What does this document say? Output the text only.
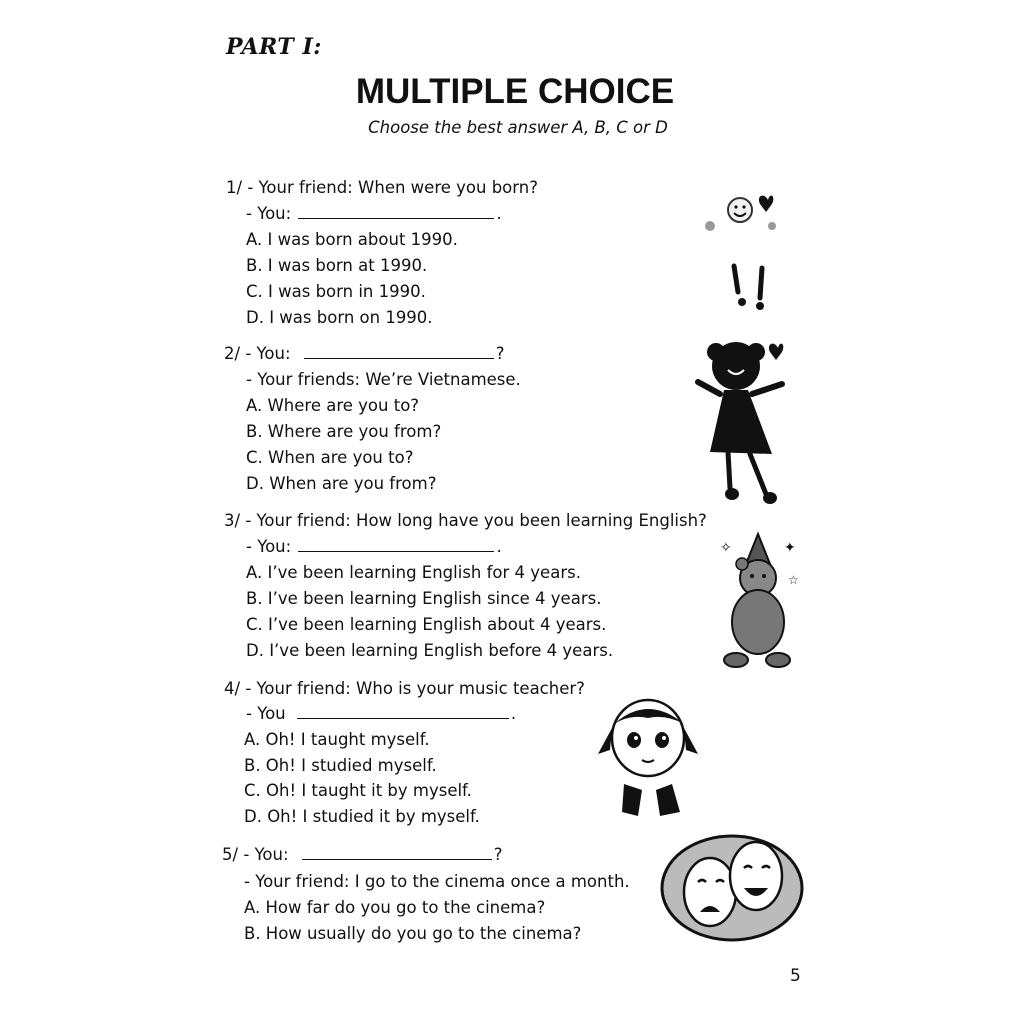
PART I:
MULTIPLE CHOICE
Choose the best answer A, B, C or D
1/ - Your friend: When were you born?
- You:	.
A. I was born about 1990.
B. I was born at 1990.
C. I was born in 1990.
D. I was born on 1990.
2/ - You:	?
- Your friends: We’re Vietnamese.
A. Where are you to?
B. Where are you from?
C. When are you to?
D. When are you from?
3/ - Your friend: How long have you been learning English?
- You:	.
A. I’ve been learning English for 4 years.
B. I’ve been learning English since 4 years.
C. I’ve been learning English about 4 years.
D. I’ve been learning English before 4 years.
4/ - Your friend: Who is your music teacher?
- You	.
A. Oh! I taught myself.
B. Oh! I studied myself.
C. Oh! I taught it by myself.
D. Oh! I studied it by myself.
5/ - You:	?
- Your friend: I go to the cinema once a month.
A. How far do you go to the cinema?
B. How usually do you go to the cinema?
5
✧	✦
☆
